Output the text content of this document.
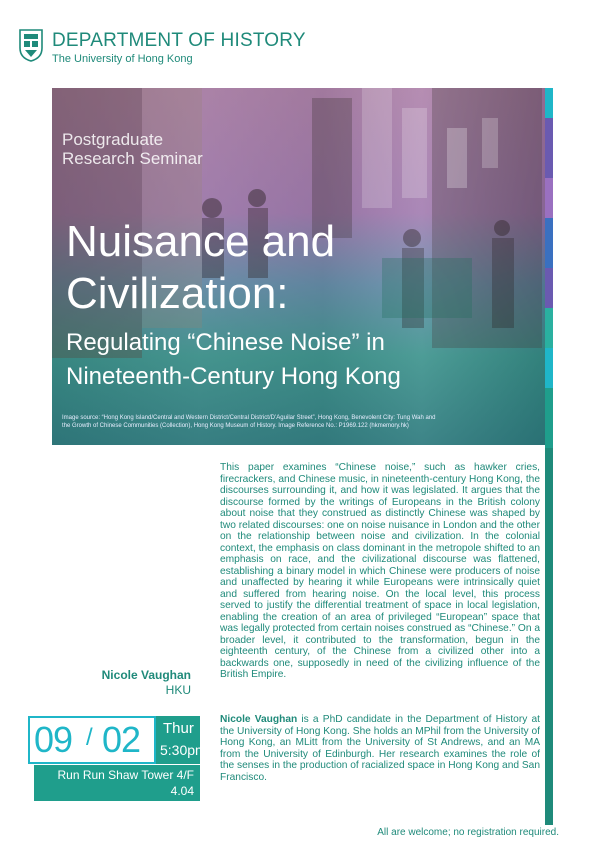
DEPARTMENT OF HISTORY
The University of Hong Kong
Postgraduate
Research Seminar
Nuisance and
Civilization:
Regulating “Chinese Noise” in
Nineteenth-Century Hong Kong
Image source: “Hong Kong Island/Central and Western District/Central District/D’Aguilar Street”, Hong Kong, Benevolent City: Tung Wah and the Growth of Chinese Communities (Collection), Hong Kong Museum of History. Image Reference No.: P1969.122 (hkmemory.hk)
Nicole Vaughan
HKU
09 / 02 Thur
5:30pm
Run Run Shaw Tower 4/F
4.04

This paper examines “Chinese noise,” such as hawker cries, firecrackers, and Chinese music, in nineteenth-century Hong Kong, the discourses surrounding it, and how it was legislated. It argues that the discourse formed by the writings of Europeans in the British colony about noise that they construed as distinctly Chinese was shaped by two related discourses: one on noise nuisance in London and the other on the relationship between noise and civilization. In the colonial context, the emphasis on class dominant in the metropole shifted to an emphasis on race, and the civilizational discourse was flattened, establishing a binary model in which Chinese were producers of noise and unaffected by hearing it while Europeans were intrinsically quiet and suffered from hearing noise. On the local level, this process served to justify the differential treatment of space in local legislation, enabling the creation of an area of privileged “European” space that was legally protected from certain noises construed as “Chinese.” On a broader level, it contributed to the transformation, begun in the eighteenth century, of the Chinese from a civilized other into a backwards one, supposedly in need of the civilizing influence of the British Empire.

Nicole Vaughan is a PhD candidate in the Department of History at the University of Hong Kong. She holds an MPhil from the University of Hong Kong, an MLitt from the University of St Andrews, and an MA from the University of Edinburgh. Her research examines the role of the senses in the production of racialized space in Hong Kong and San Francisco.

All are welcome; no registration required.
